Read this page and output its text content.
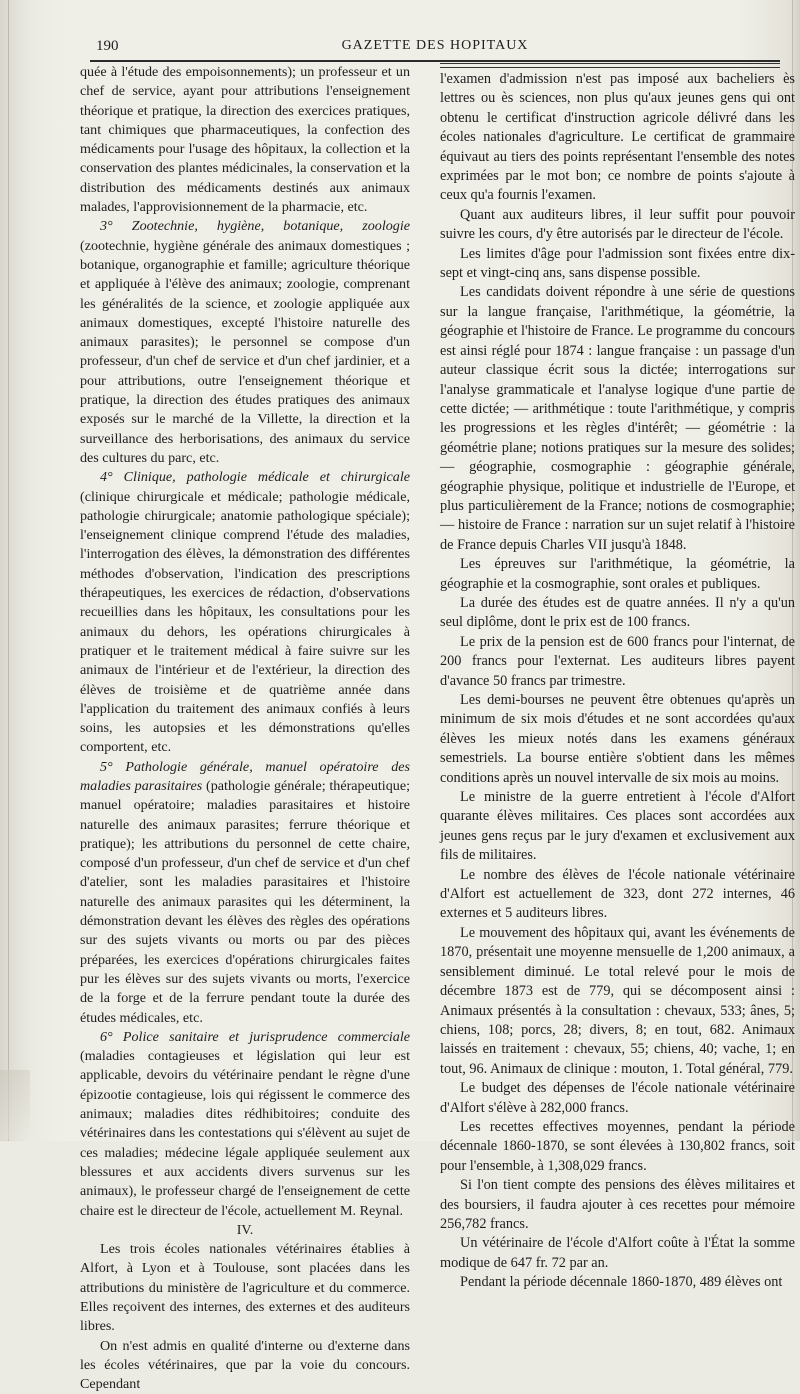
190	GAZETTE DES HOPITAUX

quée à l'étude des empoisonnements); un professeur et un chef de service, ayant pour attributions l'enseignement théorique et pratique, la direction des exercices pratiques, tant chimiques que pharmaceutiques, la confection des médicaments pour l'usage des hôpitaux, la collection et la conservation des plantes médicinales, la conservation et la distribution des médicaments destinés aux animaux malades, l'approvisionnement de la pharmacie, etc.

3° Zootechnie, hygiène, botanique, zoologie (zootechnie, hygiène générale des animaux domestiques ; botanique, organographie et famille; agriculture théorique et appliquée à l'élève des animaux; zoologie, comprenant les généralités de la science, et zoologie appliquée aux animaux domestiques, excepté l'histoire naturelle des animaux parasites); le personnel se compose d'un professeur, d'un chef de service et d'un chef jardinier, et a pour attributions, outre l'enseignement théorique et pratique, la direction des études pratiques des animaux exposés sur le marché de la Villette, la direction et la surveillance des herborisations, des animaux du service des cultures du parc, etc.

4° Clinique, pathologie médicale et chirurgicale (clinique chirurgicale et médicale; pathologie médicale, pathologie chirurgicale; anatomie pathologique spéciale); l'enseignement clinique comprend l'étude des maladies, l'interrogation des élèves, la démonstration des différentes méthodes d'observation, l'indication des prescriptions thérapeutiques, les exercices de rédaction, d'observations recueillies dans les hôpitaux, les consultations pour les animaux du dehors, les opérations chirurgicales à pratiquer et le traitement médical à faire suivre sur les animaux de l'intérieur et de l'extérieur, la direction des élèves de troisième et de quatrième année dans l'application du traitement des animaux confiés à leurs soins, les autopsies et les démonstrations qu'elles comportent, etc.

5° Pathologie générale, manuel opératoire des maladies parasitaires (pathologie générale; thérapeutique; manuel opératoire; maladies parasitaires et histoire naturelle des animaux parasites; ferrure théorique et pratique); les attributions du personnel de cette chaire, composé d'un professeur, d'un chef de service et d'un chef d'atelier, sont les maladies parasitaires et l'histoire naturelle des animaux parasites qui les déterminent, la démonstration devant les élèves des règles des opérations sur des sujets vivants ou morts ou par des pièces préparées, les exercices d'opérations chirurgicales faites pur les élèves sur des sujets vivants ou morts, l'exercice de la forge et de la ferrure pendant toute la durée des études médicales, etc.

6° Police sanitaire et jurisprudence commerciale (maladies contagieuses et législation qui leur est applicable, devoirs du vétérinaire pendant le règne d'une épizootie contagieuse, lois qui régissent le commerce des animaux; maladies dites rédhibitoires; conduite des vétérinaires dans les contestations qui s'élèvent au sujet de ces maladies; médecine légale appliquée seulement aux blessures et aux accidents divers survenus sur les animaux), le professeur chargé de l'enseignement de cette chaire est le directeur de l'école, actuellement M. Reynal.

IV.

Les trois écoles nationales vétérinaires établies à Alfort, à Lyon et à Toulouse, sont placées dans les attributions du ministère de l'agriculture et du commerce. Elles reçoivent des internes, des externes et des auditeurs libres.

On n'est admis en qualité d'interne ou d'externe dans les écoles vétérinaires, que par la voie du concours. Cependant

l'examen d'admission n'est pas imposé aux bacheliers ès lettres ou ès sciences, non plus qu'aux jeunes gens qui ont obtenu le certificat d'instruction agricole délivré dans les écoles nationales d'agriculture. Le certificat de grammaire équivaut au tiers des points représentant l'ensemble des notes exprimées par le mot bon; ce nombre de points s'ajoute à ceux qu'a fournis l'examen.

Quant aux auditeurs libres, il leur suffit pour pouvoir suivre les cours, d'y être autorisés par le directeur de l'école.

Les limites d'âge pour l'admission sont fixées entre dix-sept et vingt-cinq ans, sans dispense possible.

Les candidats doivent répondre à une série de questions sur la langue française, l'arithmétique, la géométrie, la géographie et l'histoire de France. Le programme du concours est ainsi réglé pour 1874 : langue française : un passage d'un auteur classique écrit sous la dictée; interrogations sur l'analyse grammaticale et l'analyse logique d'une partie de cette dictée; — arithmétique : toute l'arithmétique, y compris les progressions et les règles d'intérêt; — géométrie : la géométrie plane; notions pratiques sur la mesure des solides; — géographie, cosmographie : géographie générale, géographie physique, politique et industrielle de l'Europe, et plus particulièrement de la France; notions de cosmographie; — histoire de France : narration sur un sujet relatif à l'histoire de France depuis Charles VII jusqu'à 1848.

Les épreuves sur l'arithmétique, la géométrie, la géographie et la cosmographie, sont orales et publiques.

La durée des études est de quatre années. Il n'y a qu'un seul diplôme, dont le prix est de 100 francs.

Le prix de la pension est de 600 francs pour l'internat, de 200 francs pour l'externat. Les auditeurs libres payent d'avance 50 francs par trimestre.

Les demi-bourses ne peuvent être obtenues qu'après un minimum de six mois d'études et ne sont accordées qu'aux élèves les mieux notés dans les examens généraux semestriels. La bourse entière s'obtient dans les mêmes conditions après un nouvel intervalle de six mois au moins.

Le ministre de la guerre entretient à l'école d'Alfort quarante élèves militaires. Ces places sont accordées aux jeunes gens reçus par le jury d'examen et exclusivement aux fils de militaires.

Le nombre des élèves de l'école nationale vétérinaire d'Alfort est actuellement de 323, dont 272 internes, 46 externes et 5 auditeurs libres.

Le mouvement des hôpitaux qui, avant les événements de 1870, présentait une moyenne mensuelle de 1,200 animaux, a sensiblement diminué. Le total relevé pour le mois de décembre 1873 est de 779, qui se décomposent ainsi : Animaux présentés à la consultation : chevaux, 533; ânes, 5; chiens, 108; porcs, 28; divers, 8; en tout, 682. Animaux laissés en traitement : chevaux, 55; chiens, 40; vache, 1; en tout, 96. Animaux de clinique : mouton, 1. Total général, 779.

Le budget des dépenses de l'école nationale vétérinaire d'Alfort s'élève à 282,000 francs.

Les recettes effectives moyennes, pendant la période décennale 1860-1870, se sont élevées à 130,802 francs, soit pour l'ensemble, à 1,308,029 francs.

Si l'on tient compte des pensions des élèves militaires et des boursiers, il faudra ajouter à ces recettes pour mémoire 256,782 francs.

Un vétérinaire de l'école d'Alfort coûte à l'État la somme modique de 647 fr. 72 par an.

Pendant la période décennale 1860-1870, 489 élèves ont
